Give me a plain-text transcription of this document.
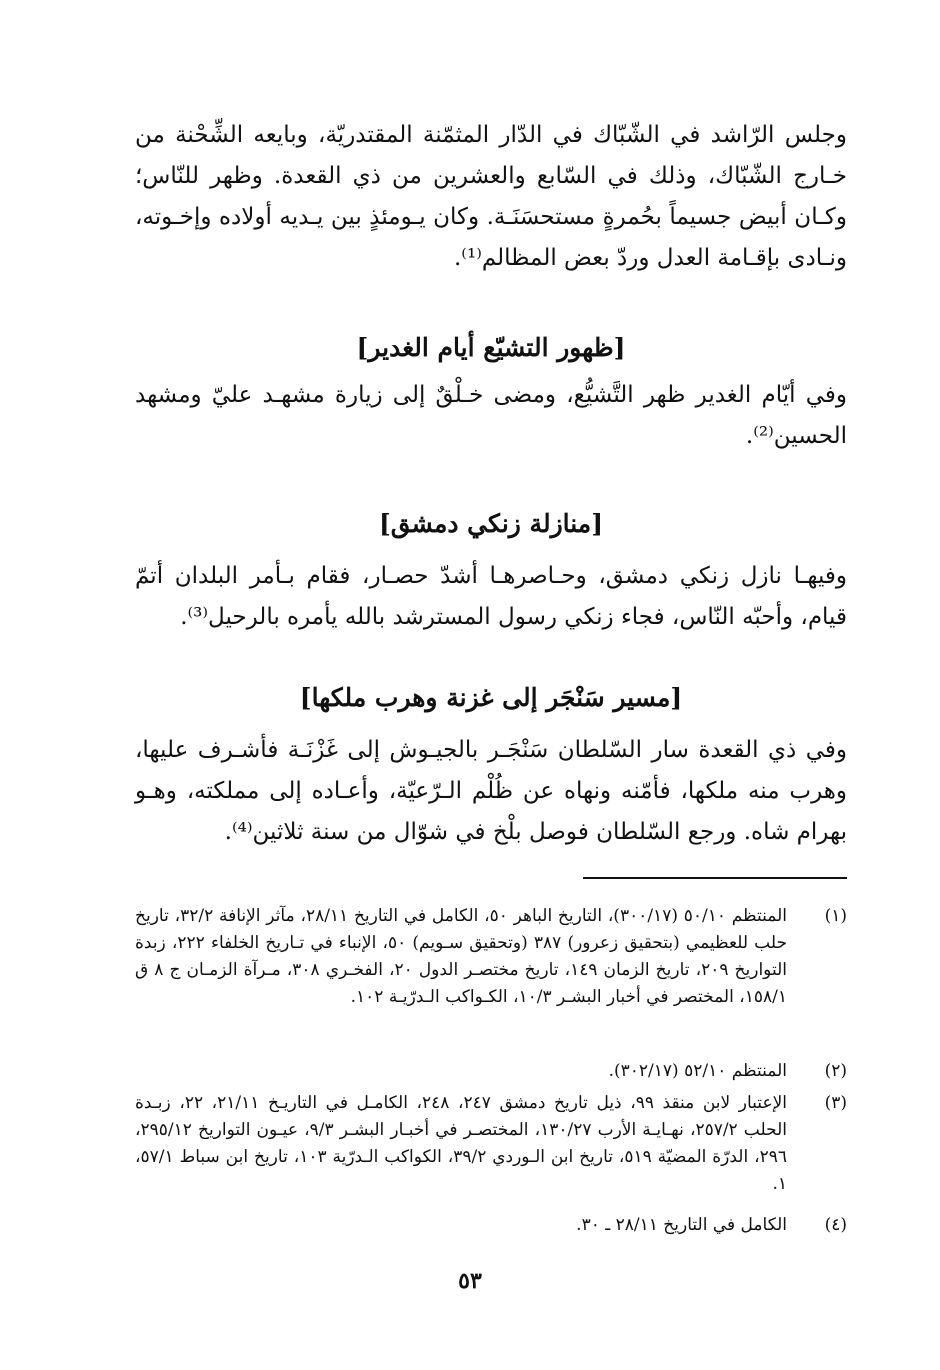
وجلس الرّاشد في الشّبّاك في الدّار المثمّنة المقتدريّة، وبايعه الشِّحْنة من خـارج الشّبّاك، وذلك في السّابع والعشرين من ذي القعدة. وظهر للنّاس؛ وكـان أبيض جسيماً بحُمرةٍ مستحسَنَـة. وكان يـومئذٍ بين يـديه أولاده وإخـوته، ونـادى بإقـامة العدل وردّ بعض المظالم⁽¹⁾.

[ظهور التشيّع أيام الغدير]

وفي أيّام الغدير ظهر التَّشيُّع، ومضى خـلْقٌ إلى زيارة مشهـد عليّ ومشهد الحسين⁽²⁾.

[منازلة زنكي دمشق]

وفيهـا نازل زنكي دمشق، وحـاصرهـا أشدّ حصـار، فقام بـأمر البلدان أتمّ قيام، وأحبّه النّاس، فجاء زنكي رسول المسترشد بالله يأمره بالرحيل⁽³⁾.

[مسير سَنْجَر إلى غزنة وهرب ملكها]

وفي ذي القعدة سار السّلطان سَنْجَـر بالجيـوش إلى غَزْنَـة فأشـرف عليها، وهرب منه ملكها، فأمّنه ونهاه عن ظُلْم الـرّعيّة، وأعـاده إلى مملكته، وهـو بهرام شاه. ورجع السّلطان فوصل بلْخ في شوّال من سنة ثلاثين⁽⁴⁾.

(١)
المنتظم ٥٠/١٠ (٣٠٠/١٧)، التاريخ الباهر ٥٠، الكامل في التاريخ ٢٨/١١، مآثر الإنافة ٣٢/٢، تاريخ حلب للعظيمي (بتحقيق زعرور) ٣٨٧ (وتحقيق سـويم) ٥٠، الإنباء في تـاريخ الخلفاء ٢٢٢، زبدة التواريخ ٢٠٩، تاريخ الزمان ١٤٩، تاريخ مختصـر الدول ٢٠، الفخـري ٣٠٨، مـرآة الزمـان ج ٨ ق ١٥٨/١، المختصر في أخبار البشـر ١٠/٣، الكـواكب الـدرّيـة ١٠٢.
(٢)
المنتظم ٥٢/١٠ (٣٠٢/١٧).
(٣)
الإعتبار لابن منقذ ٩٩، ذيل تاريخ دمشق ٢٤٧، ٢٤٨، الكامـل في التاريـخ ٢١/١١، ٢٢، زبـدة الحلب ٢٥٧/٢، نهـايـة الأرب ١٣٠/٢٧، المختصـر في أخبـار البشـر ٩/٣، عيـون التواريخ ٢٩٥/١٢، ٢٩٦، الدرّة المضيّة ٥١٩، تاريخ ابن الـوردي ٣٩/٢، الكواكب الـدرّية ١٠٣، تاريخ ابن سباط ٥٧/١، ١.
(٤)
الكامل في التاريخ ٢٨/١١ ـ ٣٠.
٥٣
